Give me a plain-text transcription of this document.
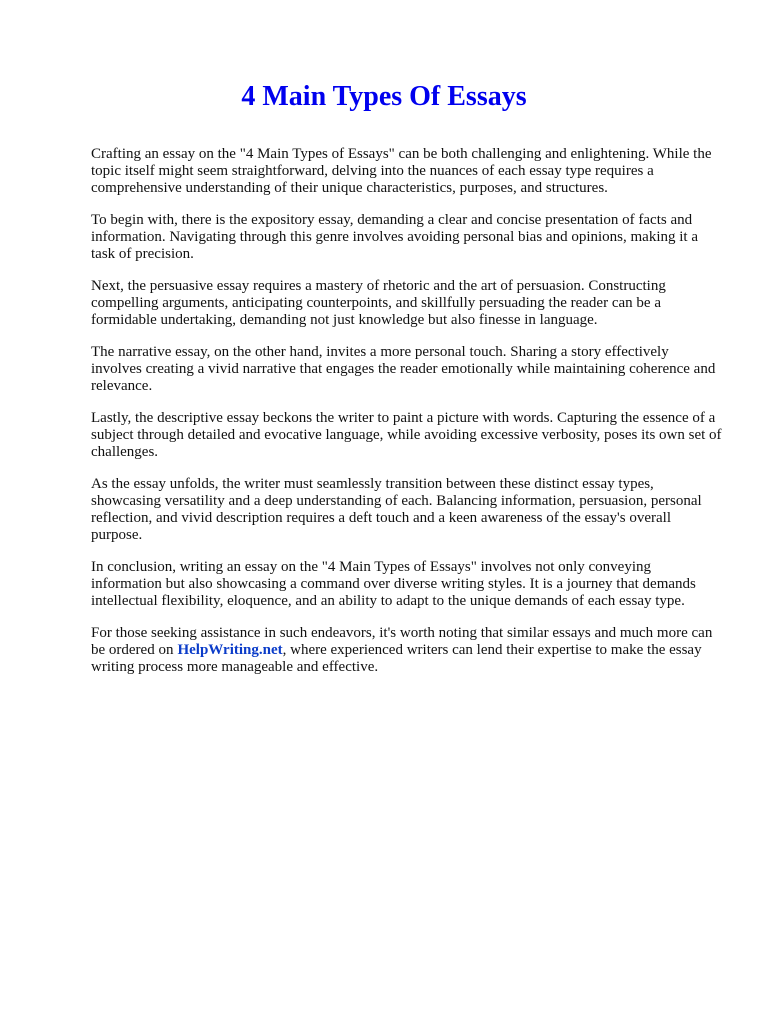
4 Main Types Of Essays

Crafting an essay on the "4 Main Types of Essays" can be both challenging and enlightening. While the topic itself might seem straightforward, delving into the nuances of each essay type requires a comprehensive understanding of their unique characteristics, purposes, and structures.

To begin with, there is the expository essay, demanding a clear and concise presentation of facts and information. Navigating through this genre involves avoiding personal bias and opinions, making it a task of precision.

Next, the persuasive essay requires a mastery of rhetoric and the art of persuasion. Constructing compelling arguments, anticipating counterpoints, and skillfully persuading the reader can be a formidable undertaking, demanding not just knowledge but also finesse in language.

The narrative essay, on the other hand, invites a more personal touch. Sharing a story effectively involves creating a vivid narrative that engages the reader emotionally while maintaining coherence and relevance.

Lastly, the descriptive essay beckons the writer to paint a picture with words. Capturing the essence of a subject through detailed and evocative language, while avoiding excessive verbosity, poses its own set of challenges.

As the essay unfolds, the writer must seamlessly transition between these distinct essay types, showcasing versatility and a deep understanding of each. Balancing information, persuasion, personal reflection, and vivid description requires a deft touch and a keen awareness of the essay's overall purpose.

In conclusion, writing an essay on the "4 Main Types of Essays" involves not only conveying information but also showcasing a command over diverse writing styles. It is a journey that demands intellectual flexibility, eloquence, and an ability to adapt to the unique demands of each essay type.

For those seeking assistance in such endeavors, it's worth noting that similar essays and much more can be ordered on HelpWriting.net, where experienced writers can lend their expertise to make the essay writing process more manageable and effective.
